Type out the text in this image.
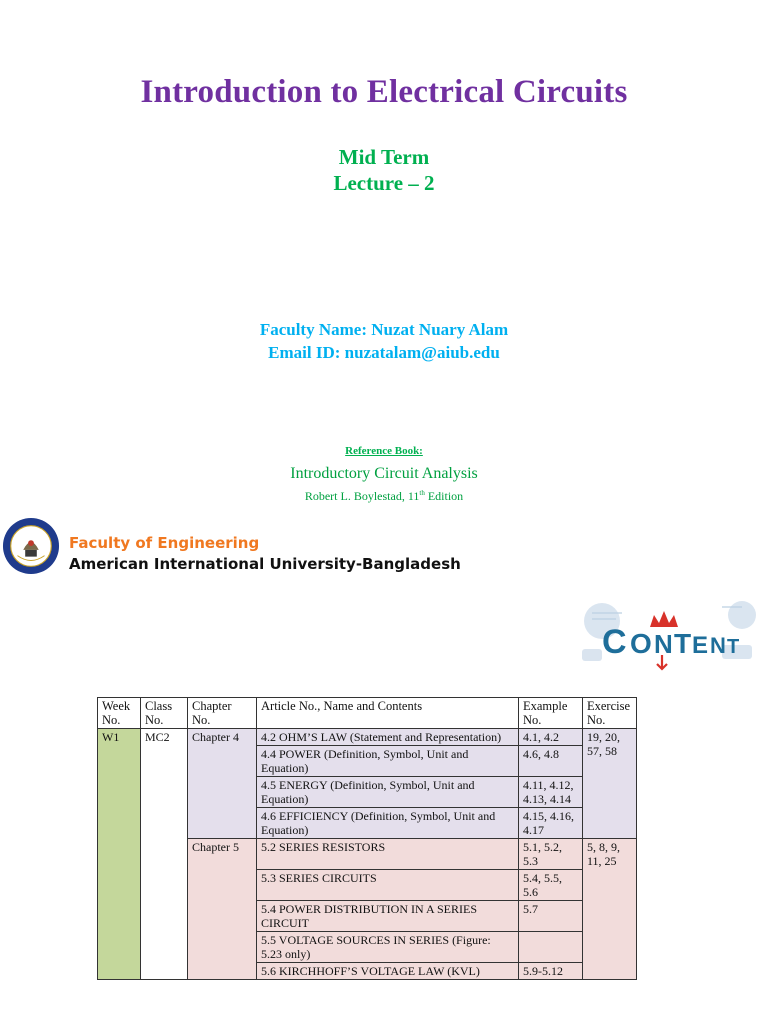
Introduction to Electrical Circuits
Mid Term
Lecture – 2
Faculty Name: Nuzat Nuary Alam
Email ID: nuzatalam@aiub.edu
Reference Book:
Introductory Circuit Analysis
Robert L. Boylestad, 11th Edition
Faculty of Engineering
American International University-Bangladesh
C O N T E N T
Week No.	Class No.	Chapter No.	Article No., Name and Contents	Example No.	Exercise No.
W1	MC2	Chapter 4	4.2 OHM’S LAW (Statement and Representation)	4.1, 4.2	19, 20, 57, 58
			4.4 POWER (Definition, Symbol, Unit and Equation)	4.6, 4.8	
			4.5 ENERGY (Definition, Symbol, Unit and Equation)	4.11, 4.12, 4.13, 4.14	
			4.6 EFFICIENCY (Definition, Symbol, Unit and Equation)	4.15, 4.16, 4.17	
		Chapter 5	5.2 SERIES RESISTORS	5.1, 5.2, 5.3	5, 8, 9, 11, 25
			5.3 SERIES CIRCUITS	5.4, 5.5, 5.6	
			5.4 POWER DISTRIBUTION IN A SERIES CIRCUIT	5.7	
			5.5 VOLTAGE SOURCES IN SERIES (Figure: 5.23 only)		
			5.6 KIRCHHOFF’S VOLTAGE LAW (KVL)	5.9-5.12	
